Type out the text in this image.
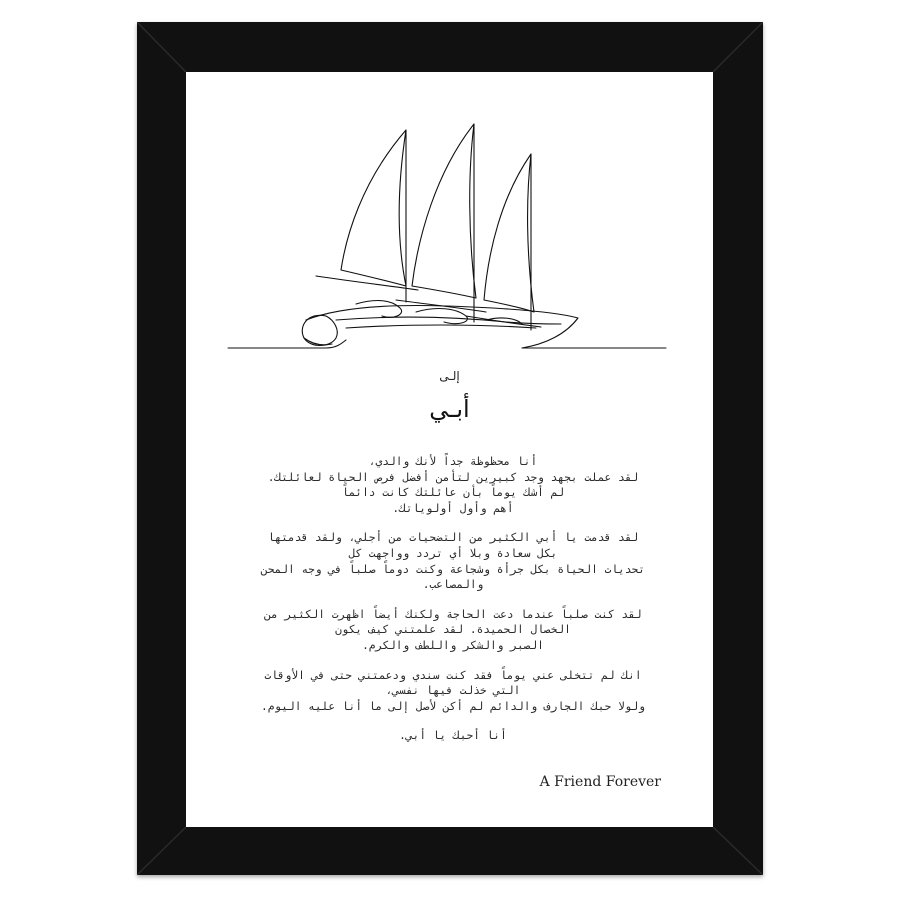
إلـى
أبـي

أنا محظوظة جداً لأنك والدي،
لقد عملت بجهد وجد كبيرين لتأمن أفضل فرص الحياة لعائلتك.
لم أشك يوماً بأن عائلتك كانت دائماً
أهم وأول أولوياتك.

لقد قدمت يا أبي الكثير من التضحيات من أجلي، ولقد قدمتها
بكل سعادة وبلا أي تردد وواجهت كل
تحديات الحياة بكل جرأة وشجاعة وكنت دوماً صلباً في وجه المحن
والمصاعب.

لقد كنت صلباً عندما دعت الحاجة ولكنك أيضاً اظهرت الكثير من
الخصال الحميدة. لقد علمتني كيف يكون
الصبر والشكر واللطف والكرم.

انك لم تتخلى عني يوماً فقد كنت سندي ودعمتني حتى في الأوقات
التي خذلت فيها نفسي،
ولولا حبك الجارف والدائم لم أكن لأصل إلى ما أنا عليه اليوم.

أنا أحبك يا أبي.

A Friend Forever
